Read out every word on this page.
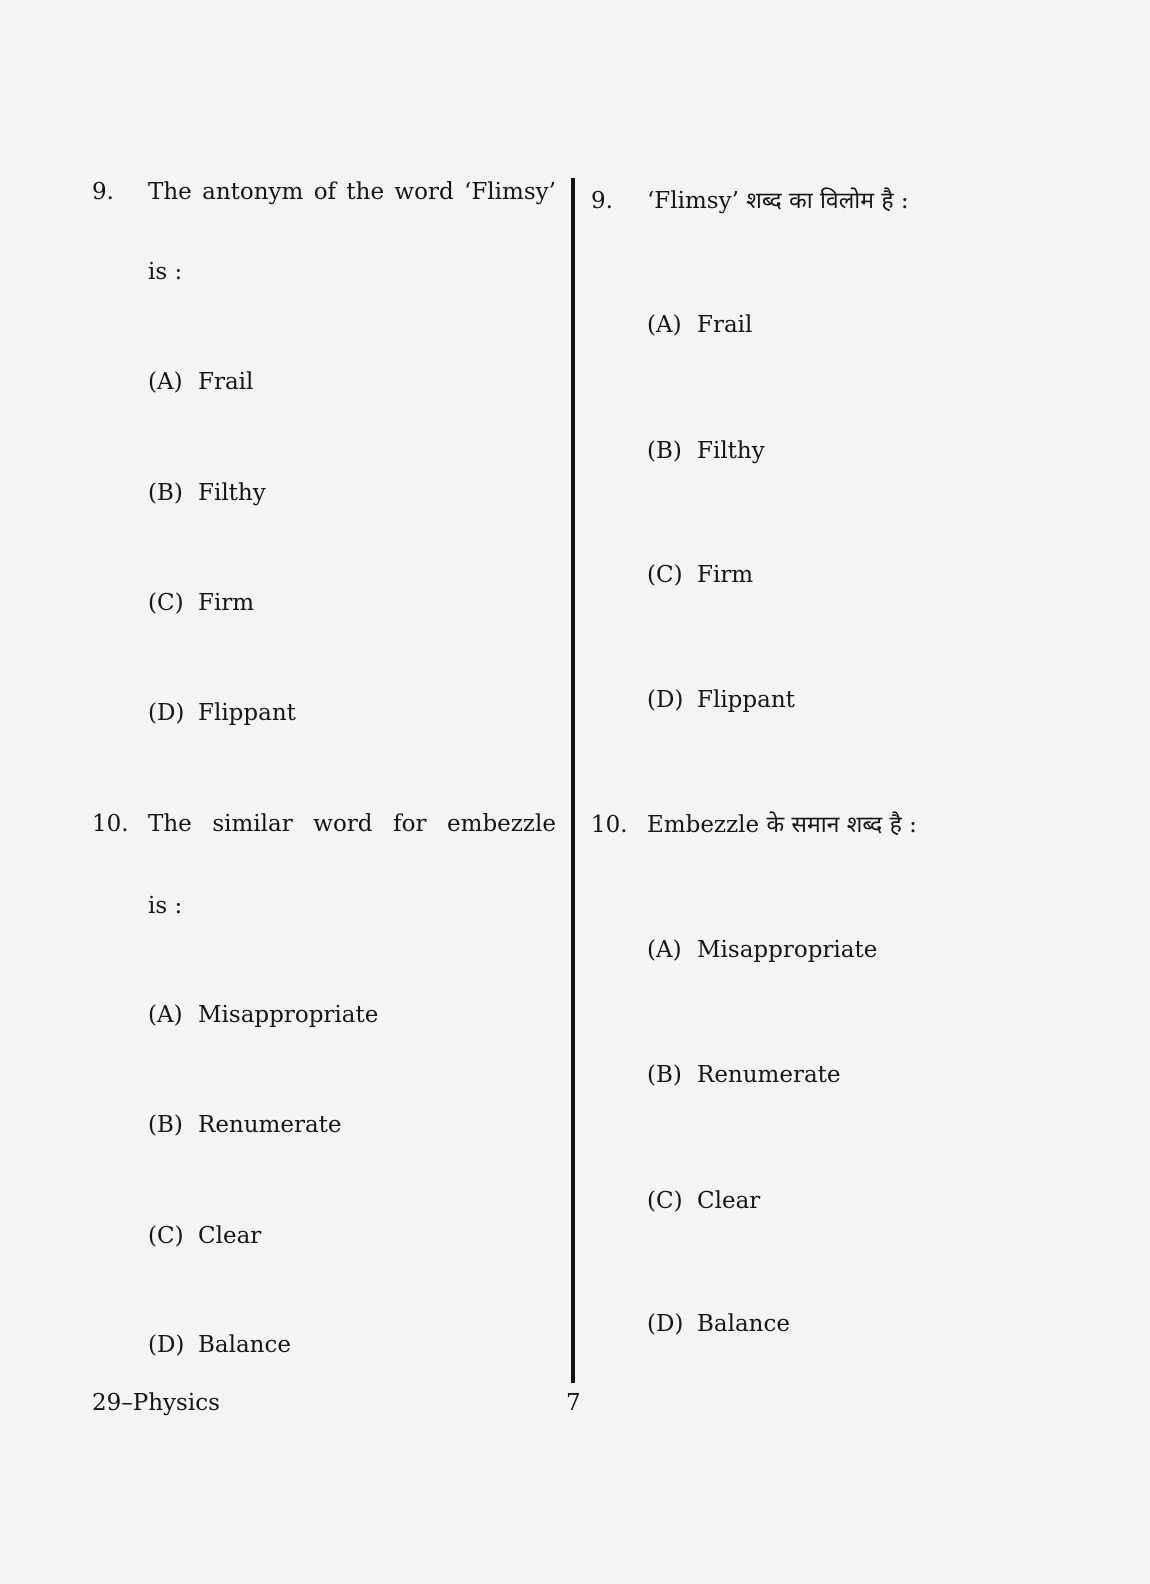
9. The antonym of the word ‘Flimsy’
is :
(A) Frail
(B) Filthy
(C) Firm
(D) Flippant
10. The similar word for embezzle
is :
(A) Misappropriate
(B) Renumerate
(C) Clear
(D) Balance
9. ‘Flimsy’ शब्द का विलोम है :
(A) Frail
(B) Filthy
(C) Firm
(D) Flippant
10. Embezzle के समान शब्द है :
(A) Misappropriate
(B) Renumerate
(C) Clear
(D) Balance
29–Physics	7
